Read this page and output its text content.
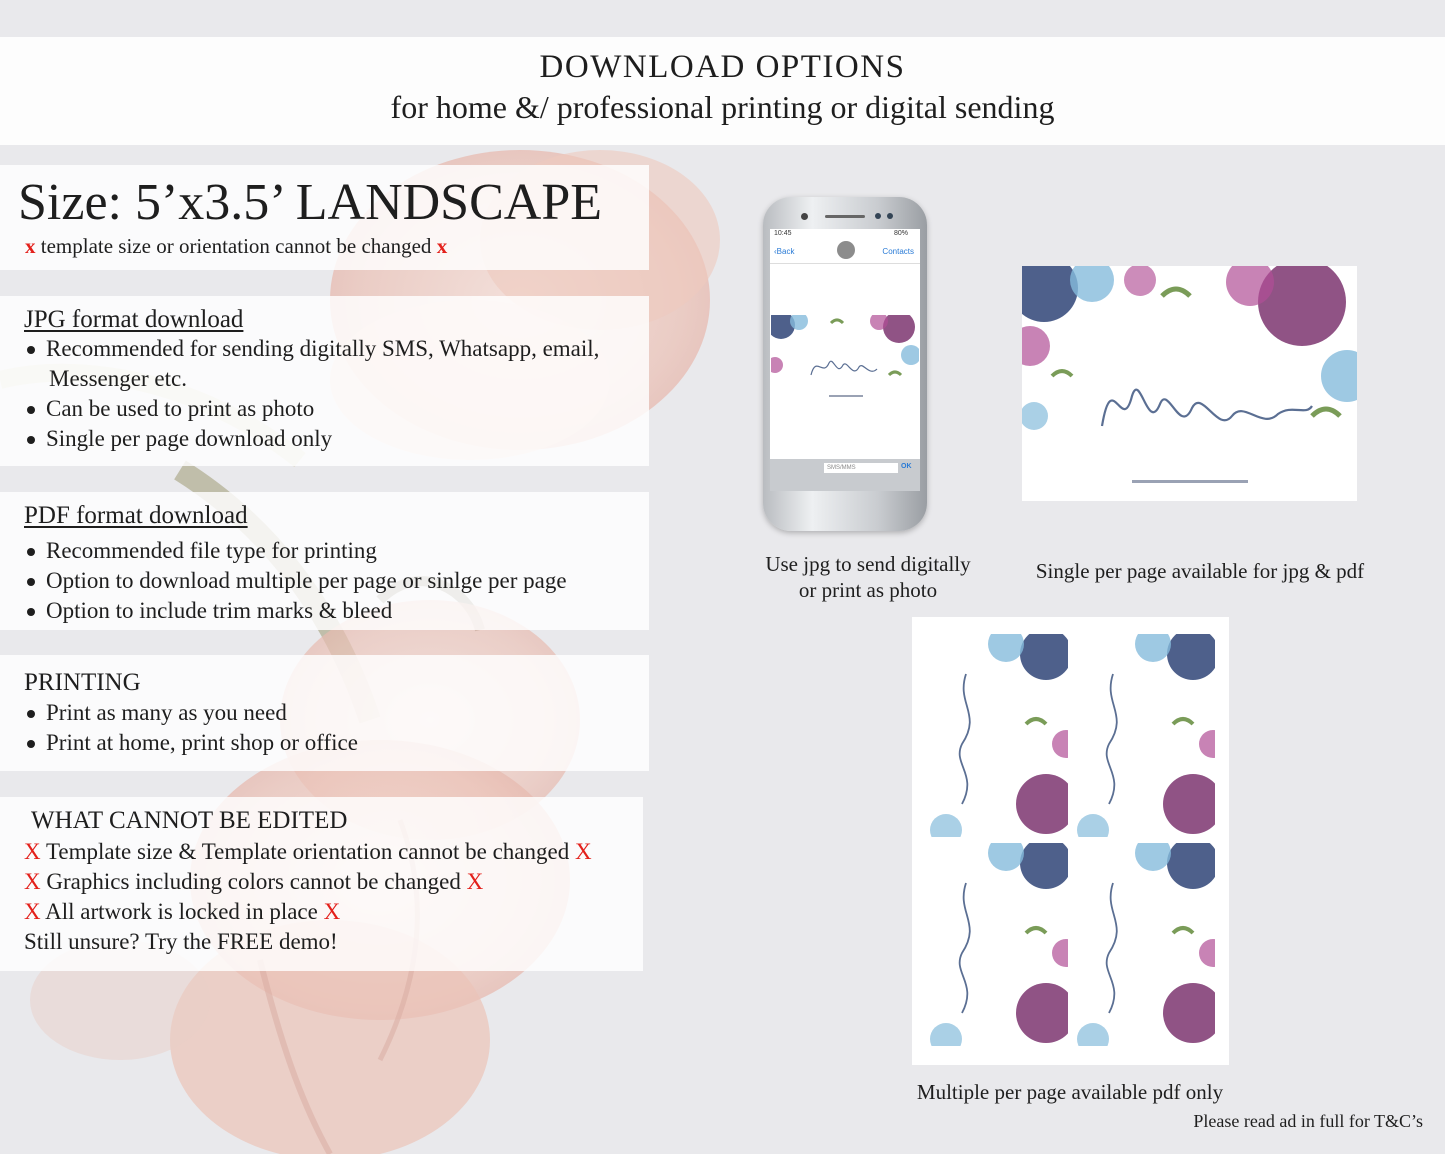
DOWNLOAD OPTIONS
for home &/ professional printing or digital sending
Size: 5’x3.5’ LANDSCAPE
x template size or orientation cannot be changed x
JPG format download
Recommended for sending digitally SMS, Whatsapp, email,
Messenger etc.
Can be used to print as photo
Single per page download only
PDF format download
Recommended file type for printing
Option to download multiple per page or sinlge per page
Option to include trim marks & bleed
PRINTING
Print as many as you need
Print at home, print shop or office
WHAT CANNOT BE EDITED
X Template size & Template orientation cannot be changed X
X Graphics including colors cannot be changed X
X All artwork is locked in place X
Still unsure? Try the FREE demo!
10:45	80%
‹Back	Contacts
SMS/MMS	OK
Use jpg to send digitally
or print as photo
Single per page available for jpg & pdf
Multiple per page available pdf only
Please read ad in full for T&C’s
